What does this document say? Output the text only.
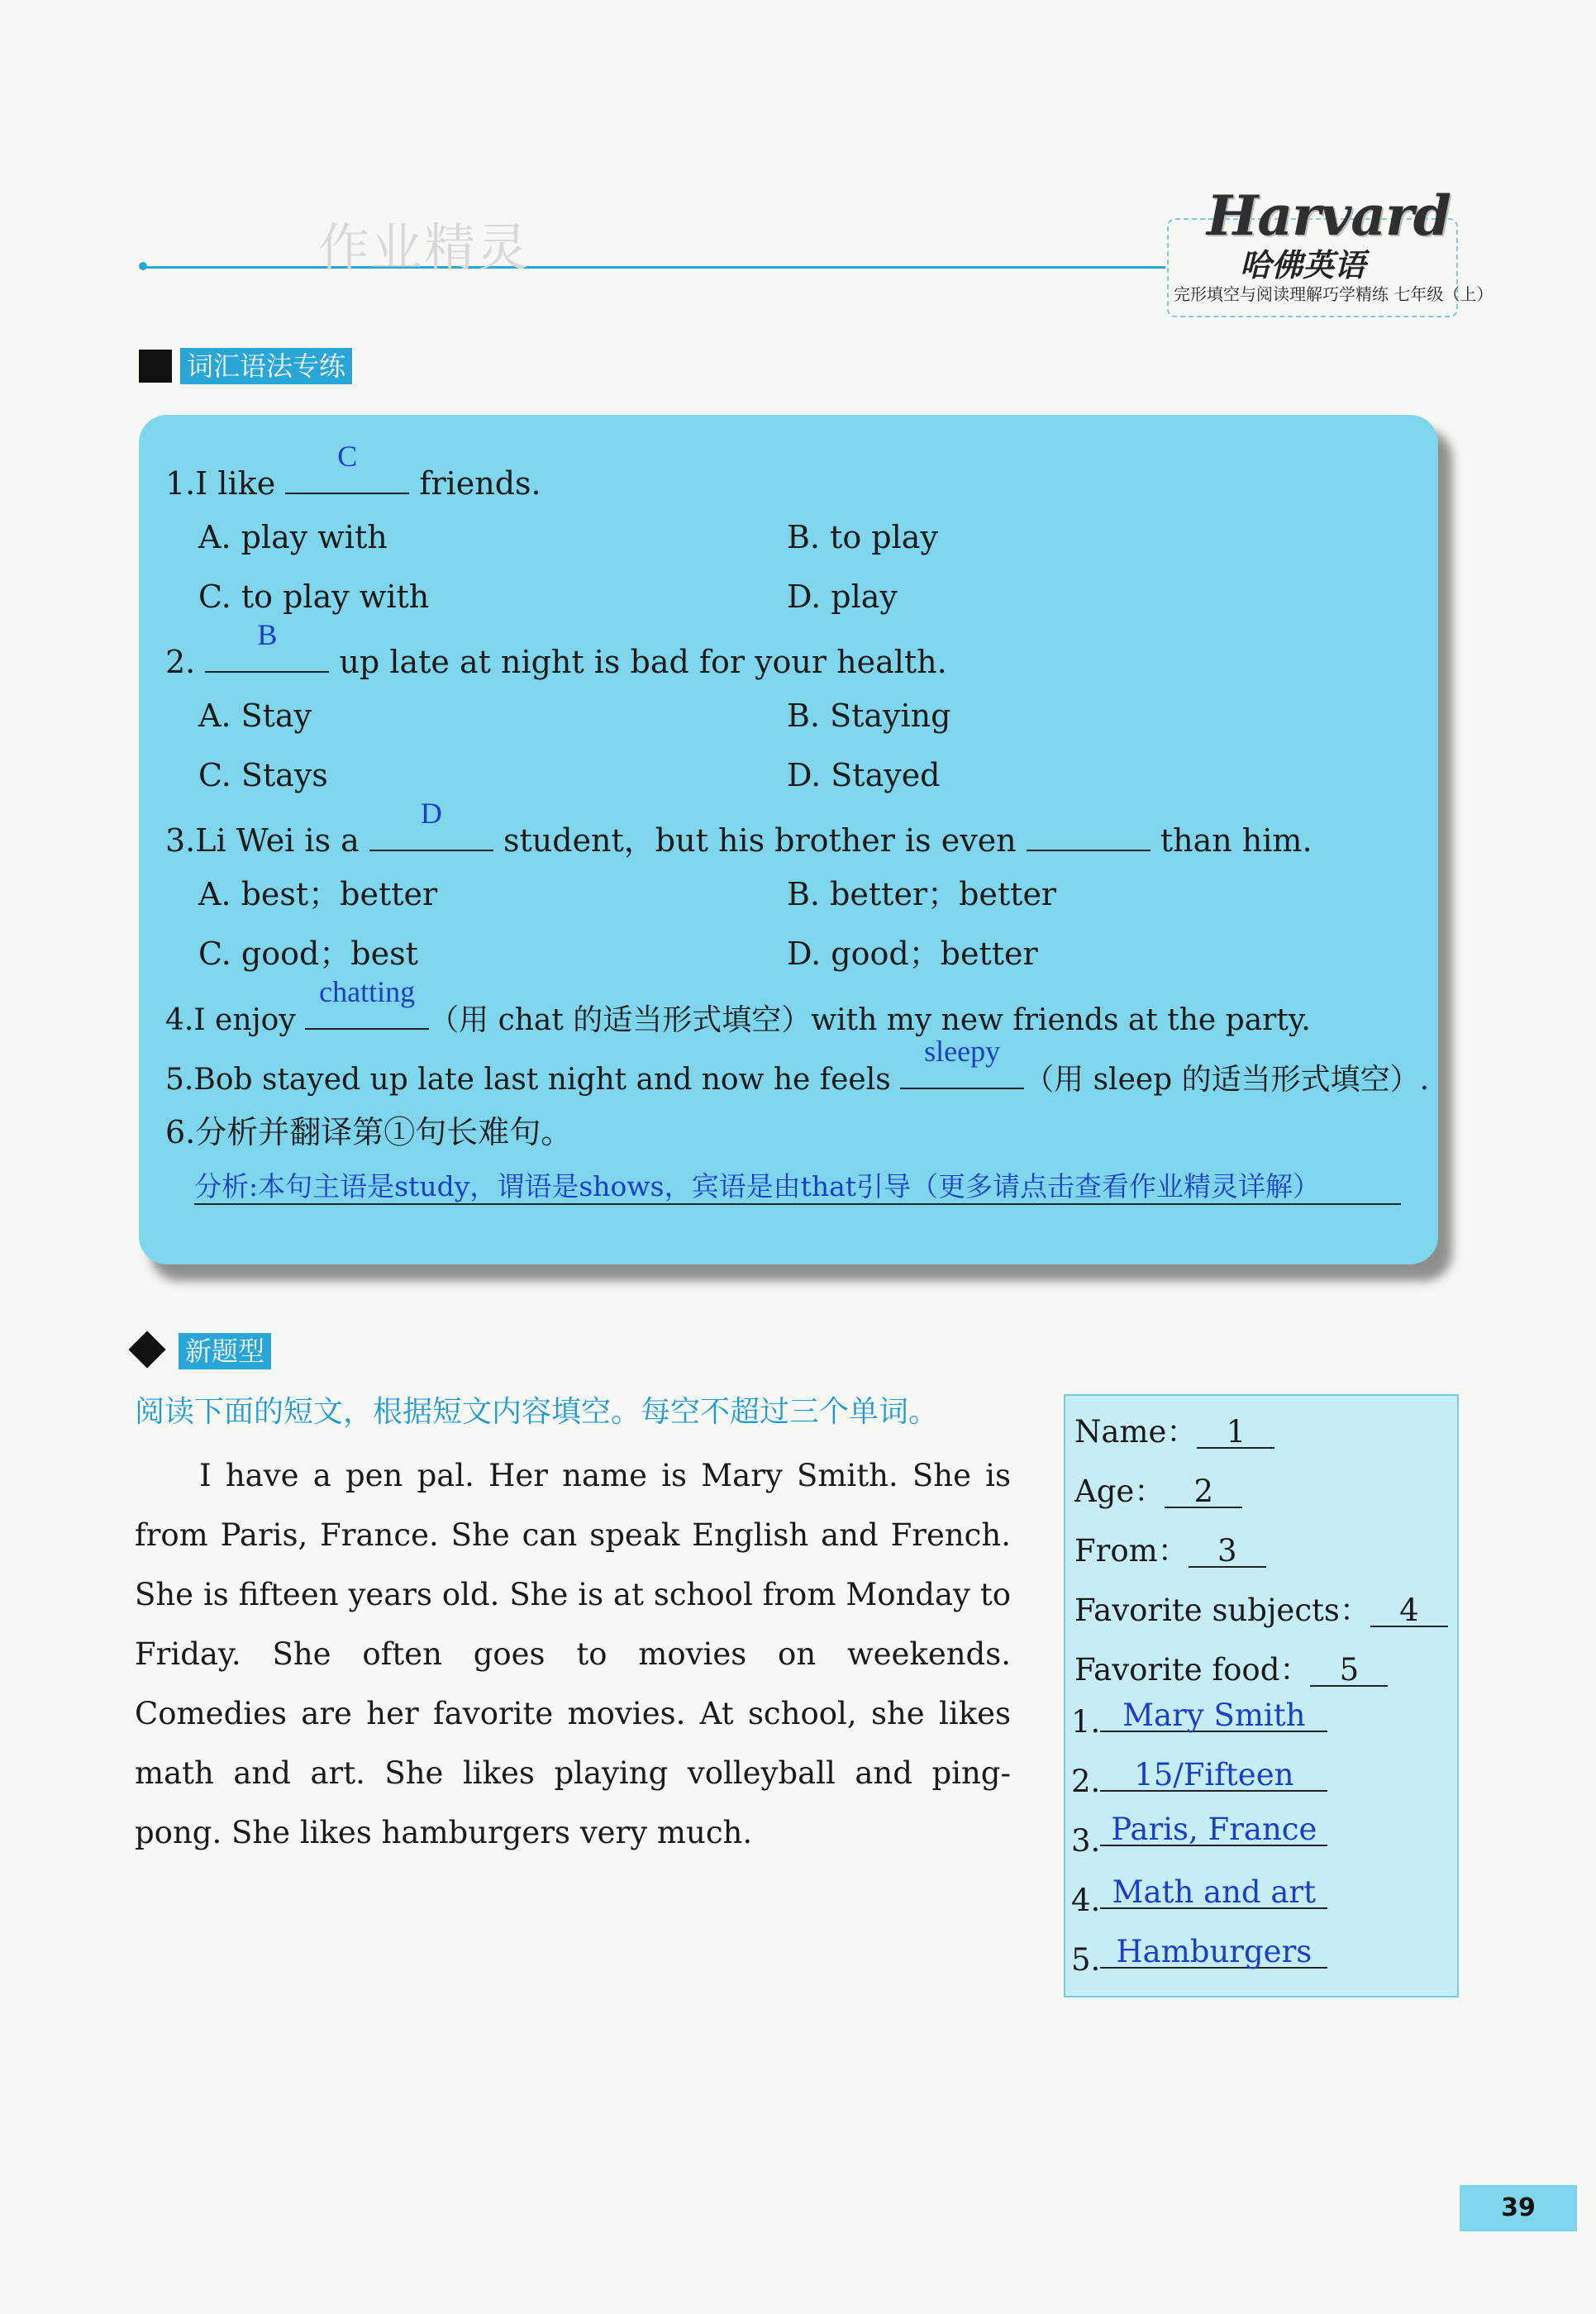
作业精灵	Harvard
哈佛英语
完形填空与阅读理解巧学精练 七年级（上）
词汇语法专练
1.I like
C
friends.
A. play with	B. to play
C. to play with	D. play
2.
B
up late at night is bad for your health.
A. Stay	B. Staying
C. Stays	D. Stayed
3.Li Wei is a
D
student，but his brother is even	than him.
A. best；better	B. better；better
C. good；best	D. good；better
4.I enjoy
chatting
（用 chat 的适当形式填空）with my new friends at the party.
5.Bob stayed up late last night and now he feels
sleepy
（用 sleep 的适当形式填空）.
6.分析并翻译第①句长难句。
分析:本句主语是study，谓语是shows，宾语是由that引导（更多请点击查看作业精灵详解）
新题型
阅读下面的短文，根据短文内容填空。每空不超过三个单词。
I have a pen pal. Her name is Mary Smith. She is from Paris, France. She can speak English and French. She is fifteen years old. She is at school from Monday to Friday. She often goes to movies on weekends. Comedies are her favorite movies. At school, she likes math and art. She likes playing volleyball and ping-pong. She likes hamburgers very much.
Name： 1
Age： 2
From： 3
Favorite subjects： 4
Favorite food： 5
1. Mary Smith
2. 15/Fifteen
3. Paris, France
4. Math and art
5. Hamburgers
39
